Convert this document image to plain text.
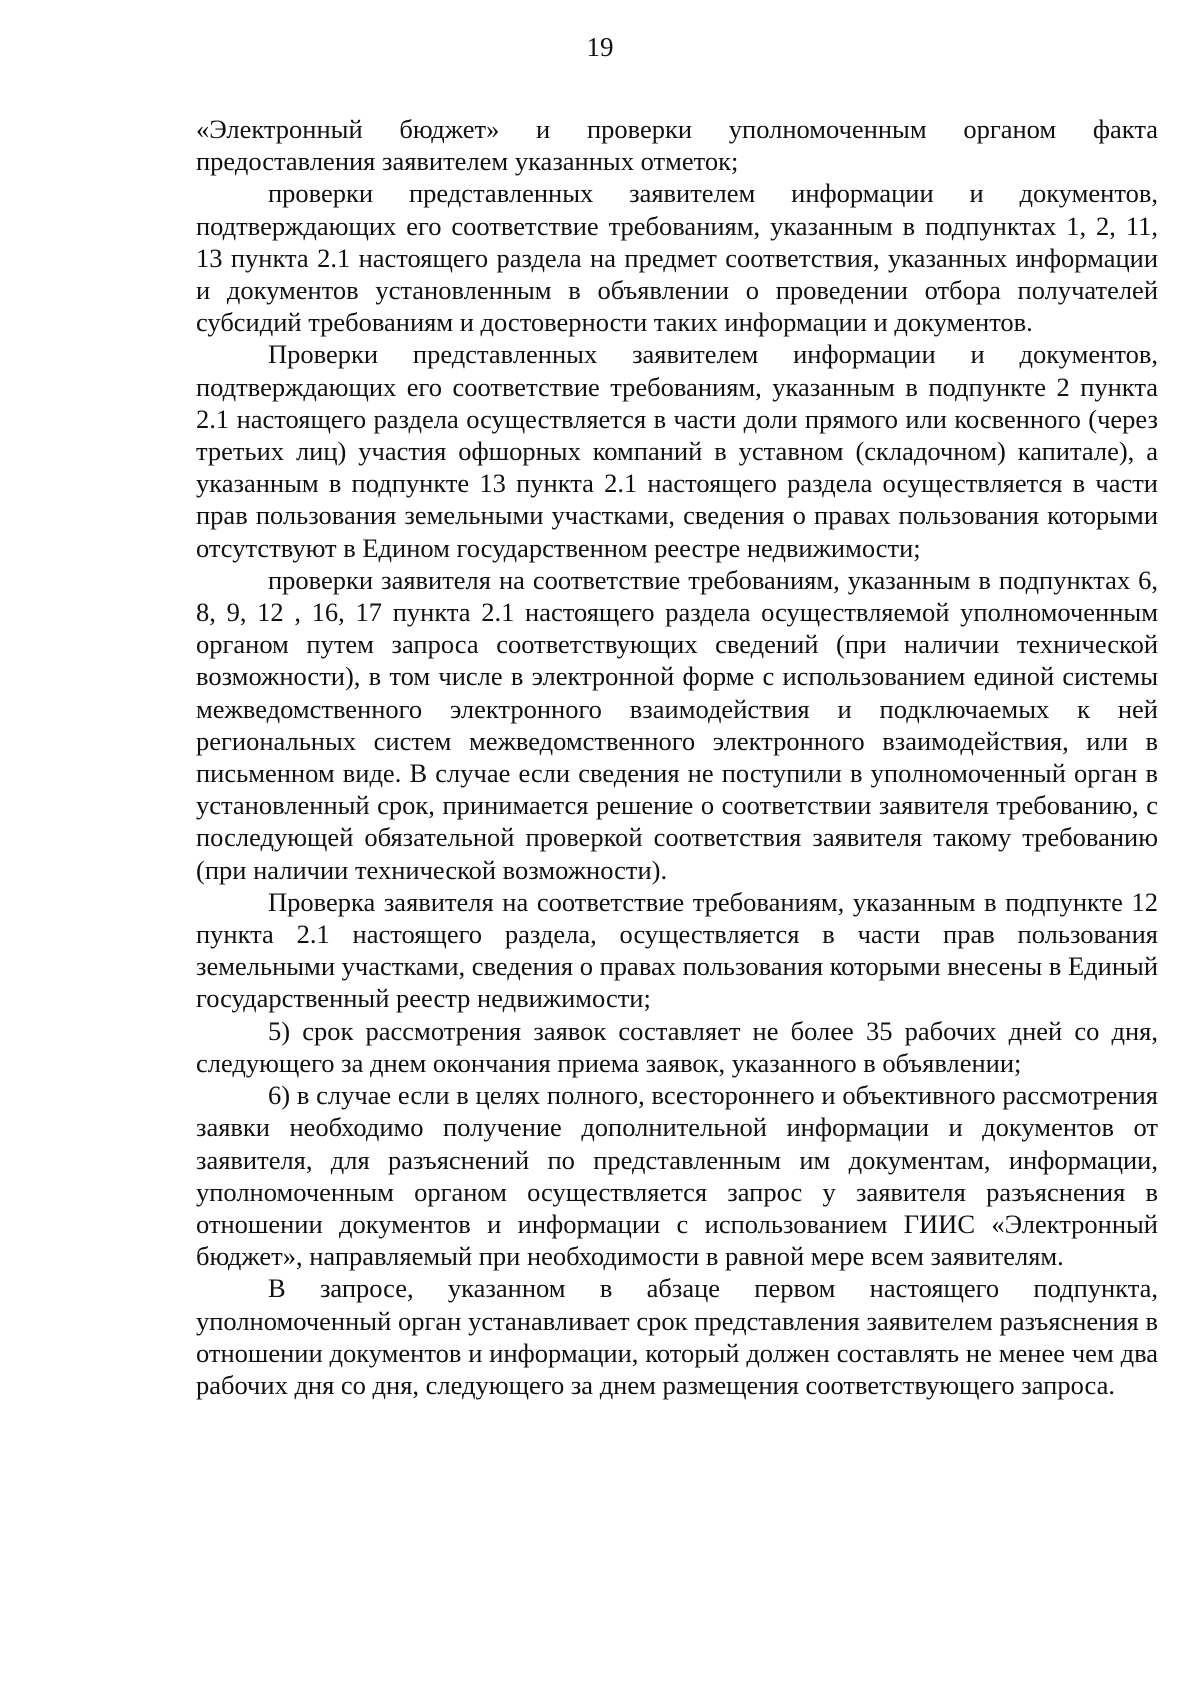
19

«Электронный бюджет» и проверки уполномоченным органом факта предоставления заявителем указанных отметок;

проверки представленных заявителем информации и документов, подтверждающих его соответствие требованиям, указанным в подпунктах 1, 2, 11, 13 пункта 2.1 настоящего раздела на предмет соответствия, указанных информации и документов установленным в объявлении о проведении отбора получателей субсидий требованиям и достоверности таких информации и документов.

Проверки представленных заявителем информации и документов, подтверждающих его соответствие требованиям, указанным в подпункте 2 пункта 2.1 настоящего раздела осуществляется в части доли прямого или косвенного (через третьих лиц) участия офшорных компаний в уставном (складочном) капитале), а указанным в подпункте 13 пункта 2.1 настоящего раздела осуществляется в части прав пользования земельными участками, сведения о правах пользования которыми отсутствуют в Едином государственном реестре недвижимости;

проверки заявителя на соответствие требованиям, указанным в подпунктах 6, 8, 9, 12 , 16, 17 пункта 2.1 настоящего раздела осуществляемой уполномоченным органом путем запроса соответствующих сведений (при наличии технической возможности), в том числе в электронной форме с использованием единой системы межведомственного электронного взаимодействия и подключаемых к ней региональных систем межведомственного электронного взаимодействия, или в письменном виде. В случае если сведения не поступили в уполномоченный орган в установленный срок, принимается решение о соответствии заявителя требованию, с последующей обязательной проверкой соответствия заявителя такому требованию (при наличии технической возможности).

Проверка заявителя на соответствие требованиям, указанным в подпункте 12 пункта 2.1 настоящего раздела, осуществляется в части прав пользования земельными участками, сведения о правах пользования которыми внесены в Единый государственный реестр недвижимости;

5) срок рассмотрения заявок составляет не более 35 рабочих дней со дня, следующего за днем окончания приема заявок, указанного в объявлении;

6) в случае если в целях полного, всестороннего и объективного рассмотрения заявки необходимо получение дополнительной информации и документов от заявителя, для разъяснений по представленным им документам, информации, уполномоченным органом осуществляется запрос у заявителя разъяснения в отношении документов и информации с использованием ГИИС «Электронный бюджет», направляемый при необходимости в равной мере всем заявителям.

В запросе, указанном в абзаце первом настоящего подпункта, уполномоченный орган устанавливает срок представления заявителем разъяснения в отношении документов и информации, который должен составлять не менее чем два рабочих дня со дня, следующего за днем размещения соответствующего запроса.
